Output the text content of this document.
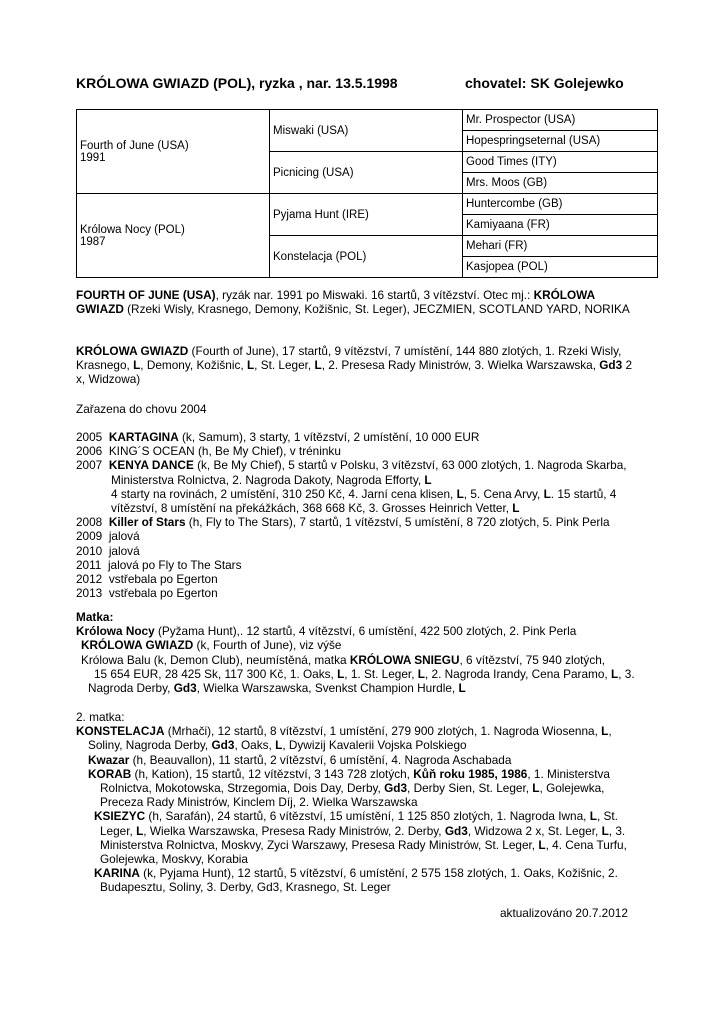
KRÓLOWA GWIAZD (POL), ryzka , nar. 13.5.1998	chovatel: SK Golejewko
Fourth of June (USA)
1991	Miswaki (USA)	Mr. Prospector (USA)
		Hopespringseternal (USA)
	Picnicing (USA)	Good Times (ITY)
		Mrs. Moos (GB)

Królowa Nocy (POL)
1987	Pyjama Hunt (IRE)	Huntercombe (GB)
		Kamiyaana (FR)
	Konstelacja (POL)	Mehari (FR)
		Kasjopea (POL)
FOURTH OF JUNE (USA), ryzák nar. 1991 po Miswaki. 16 startů, 3 vítězství. Otec mj.: KRÓLOWA
GWIAZD (Rzeki Wisly, Krasnego, Demony, Kožišnic, St. Leger), JECZMIEN, SCOTLAND YARD, NORIKA
KRÓLOWA GWIAZD (Fourth of June), 17 startů, 9 vítězství, 7 umístění, 144 880 zlotých, 1. Rzeki Wisly,
Krasnego, L, Demony, Kožišnic, L, St. Leger, L, 2. Presesa Rady Ministrów, 3. Wielka Warszawska, Gd3 2
x, Widzowa)
Zařazena do chovu 2004
2005 KARTAGINA (k, Samum), 3 starty, 1 vítězství, 2 umístění, 10 000 EUR
2006 KING´S OCEAN (h, Be My Chief), v tréninku
2007 KENYA DANCE (k, Be My Chief), 5 startů v Polsku, 3 vítězství, 63 000 zlotých, 1. Nagroda Skarba,
Ministerstva Rolnictva, 2. Nagroda Dakoty, Nagroda Efforty, L
4 starty na rovinách, 2 umístění, 310 250 Kč, 4. Jarní cena klisen, L, 5. Cena Arvy, L. 15 startů, 4
vítězství, 8 umístění na překážkách, 368 668 Kč, 3. Grosses Heinrich Vetter, L
2008 Killer of Stars (h, Fly to The Stars), 7 startů, 1 vítězství, 5 umístění, 8 720 zlotých, 5. Pink Perla
2009 jalová
2010 jalová
2011 jalová po Fly to The Stars
2012 vstřebala po Egerton
2013 vstřebala po Egerton
Matka:
Królowa Nocy (Pyžama Hunt),. 12 startů, 4 vítězství, 6 umístění, 422 500 zlotých, 2. Pink Perla
KRÓLOWA GWIAZD (k, Fourth of June), viz výše
Królowa Balu (k, Demon Club), neumístěná, matka KRÓLOWA SNIEGU, 6 vítězství, 75 940 zlotých,
15 654 EUR, 28 425 Sk, 117 300 Kč, 1. Oaks, L, 1. St. Leger, L, 2. Nagroda Irandy, Cena Paramo, L, 3.
Nagroda Derby, Gd3, Wielka Warszawska, Svenkst Champion Hurdle, L
2. matka:
KONSTELACJA (Mrhači), 12 startů, 8 vítězství, 1 umístění, 279 900 zlotých, 1. Nagroda Wiosenna, L,
Soliny, Nagroda Derby, Gd3, Oaks, L, Dywizij Kavalerii Vojska Polskiego
Kwazar (h, Beauvallon), 11 startů, 2 vítězství, 6 umístění, 4. Nagroda Aschabada
KORAB (h, Kation), 15 startů, 12 vítězství, 3 143 728 zlotých, Kůň roku 1985, 1986, 1. Ministerstva
Rolnictva, Mokotowska, Strzegomia, Dois Day, Derby, Gd3, Derby Sien, St. Leger, L, Golejewka,
Preceza Rady Ministrów, Kinclem Díj, 2. Wielka Warszawska
KSIEZYC (h, Sarafán), 24 startů, 6 vítězství, 15 umístění, 1 125 850 zlotých, 1. Nagroda Iwna, L, St.
Leger, L, Wielka Warszawska, Presesa Rady Ministrów, 2. Derby, Gd3, Widzowa 2 x, St. Leger, L, 3.
Ministerstva Rolnictva, Moskvy, Zyci Warszawy, Presesa Rady Ministrów, St. Leger, L, 4. Cena Turfu,
Golejewka, Moskvy, Korabia
KARINA (k, Pyjama Hunt), 12 startů, 5 vítězství, 6 umístění, 2 575 158 zlotých, 1. Oaks, Kožišnic, 2.
Budapesztu, Soliny, 3. Derby, Gd3, Krasnego, St. Leger
aktualizováno 20.7.2012
